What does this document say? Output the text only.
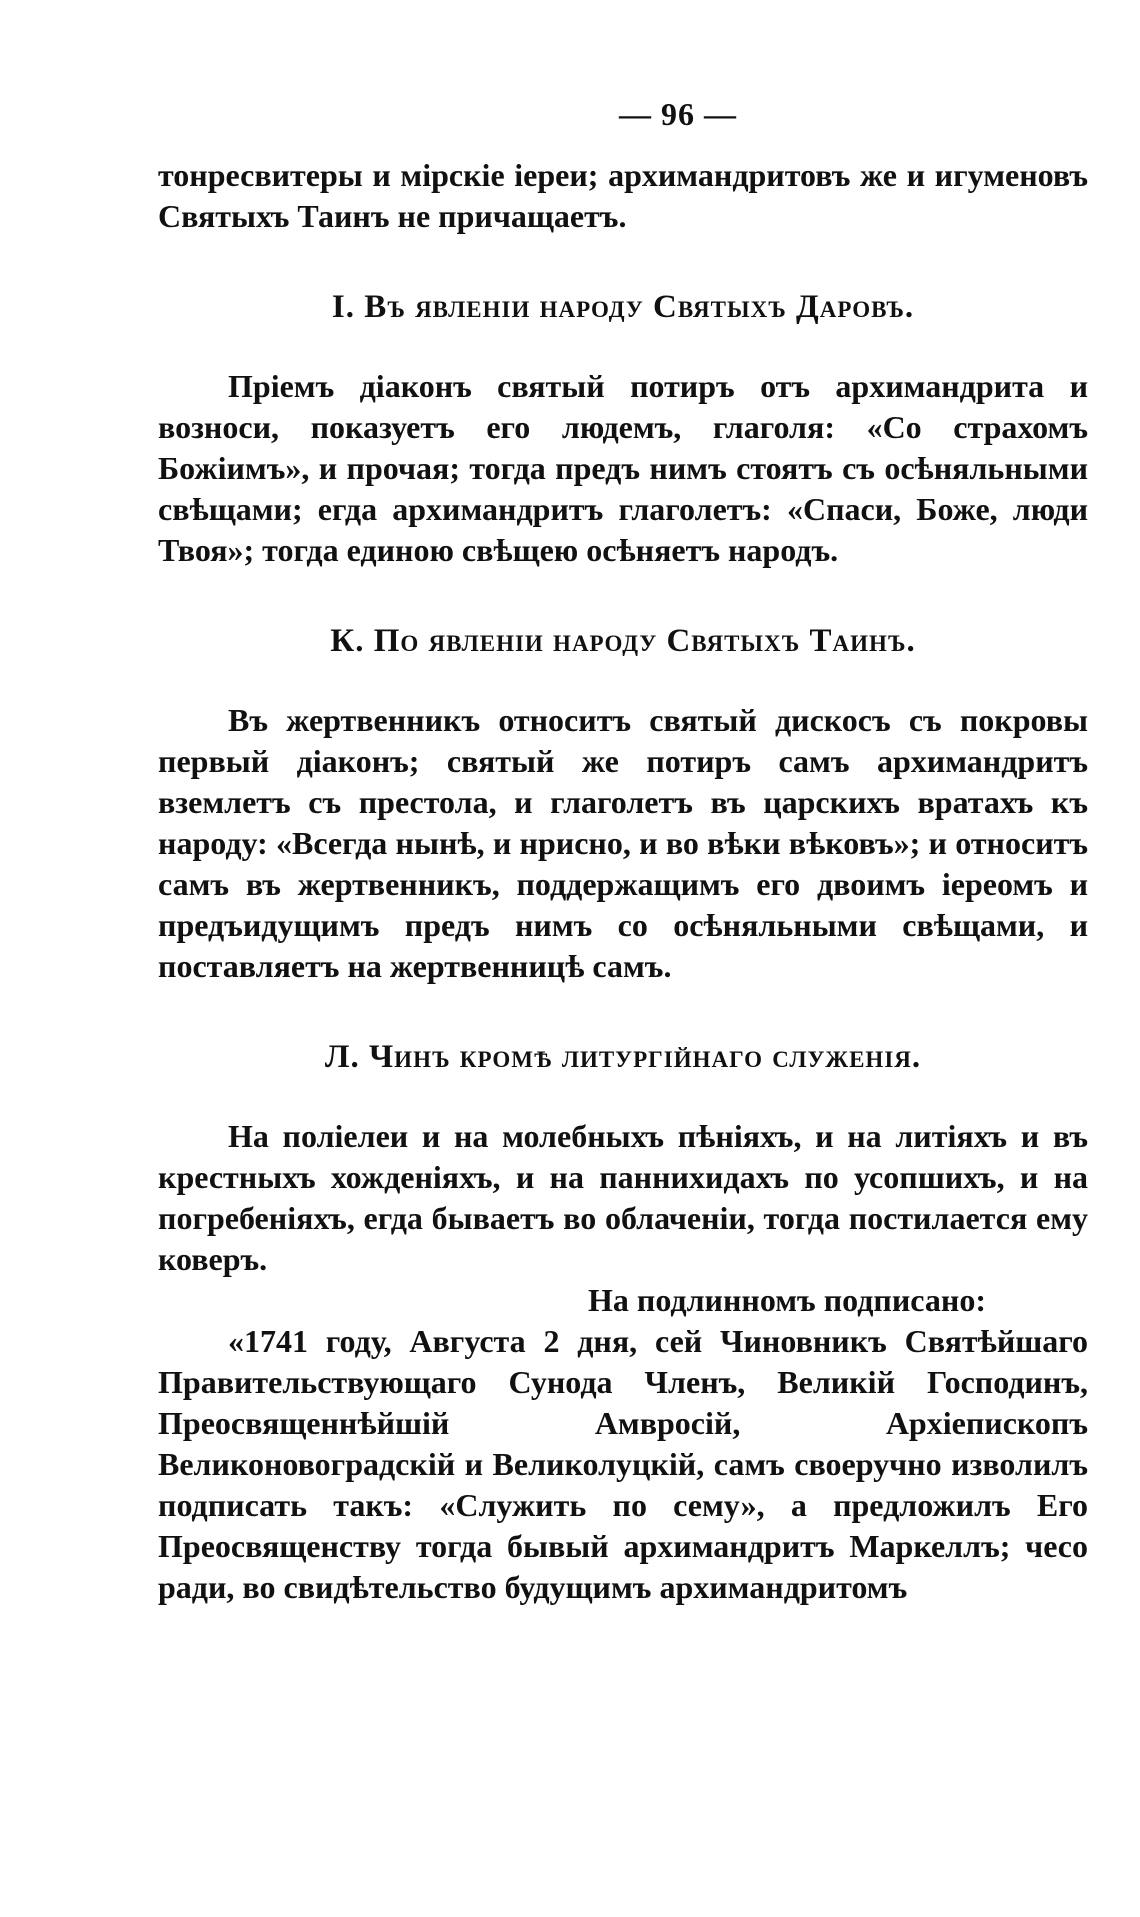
— 96 —

тонресвитеры и мірскіе іереи; архимандритовъ же и игуменовъ Святыхъ Таинъ не причащаетъ.

І. Въ явленіи народу Святыхъ Даровъ.

Пріемъ діаконъ святый потиръ отъ архимандрита и возноси, показуетъ его людемъ, глаголя: «Со страхомъ Божіимъ», и прочая; тогда предъ нимъ стоятъ съ осѣняльными свѣщами; егда архимандритъ глаголетъ: «Спаси, Боже, люди Твоя»; тогда единою свѣщею осѣняетъ народъ.

К. По явленіи народу Святыхъ Таинъ.

Въ жертвенникъ относитъ святый дискосъ съ покровы первый діаконъ; святый же потиръ самъ архимандритъ вземлетъ съ престола, и глаголетъ въ царскихъ вратахъ къ народу: «Всегда нынѣ, и нрисно, и во вѣки вѣковъ»; и относитъ самъ въ жертвенникъ, поддержащимъ его двоимъ іереомъ и предъидущимъ предъ нимъ со осѣняльными свѣщами, и поставляетъ на жертвенницѣ самъ.

Л. Чинъ кромѣ литургійнаго служенія.

На поліелеи и на молебныхъ пѣніяхъ, и на литіяхъ и въ крестныхъ хожденіяхъ, и на паннихидахъ по усопшихъ, и на погребеніяхъ, егда бываетъ во облаченіи, тогда постилается ему коверъ.

На подлинномъ подписано:

«1741 году, Августа 2 дня, сей Чиновникъ Святѣйшаго Правительствующаго Сунода Членъ, Великій Господинъ, Преосвященнѣйшій Амвросій, Архіепископъ Великоновоградскій и Великолуцкій, самъ своеручно изволилъ подписать такъ: «Служить по сему», а предложилъ Его Преосвященству тогда бывый архимандритъ Маркеллъ; чесо ради, во свидѣтельство будущимъ архимандритомъ
